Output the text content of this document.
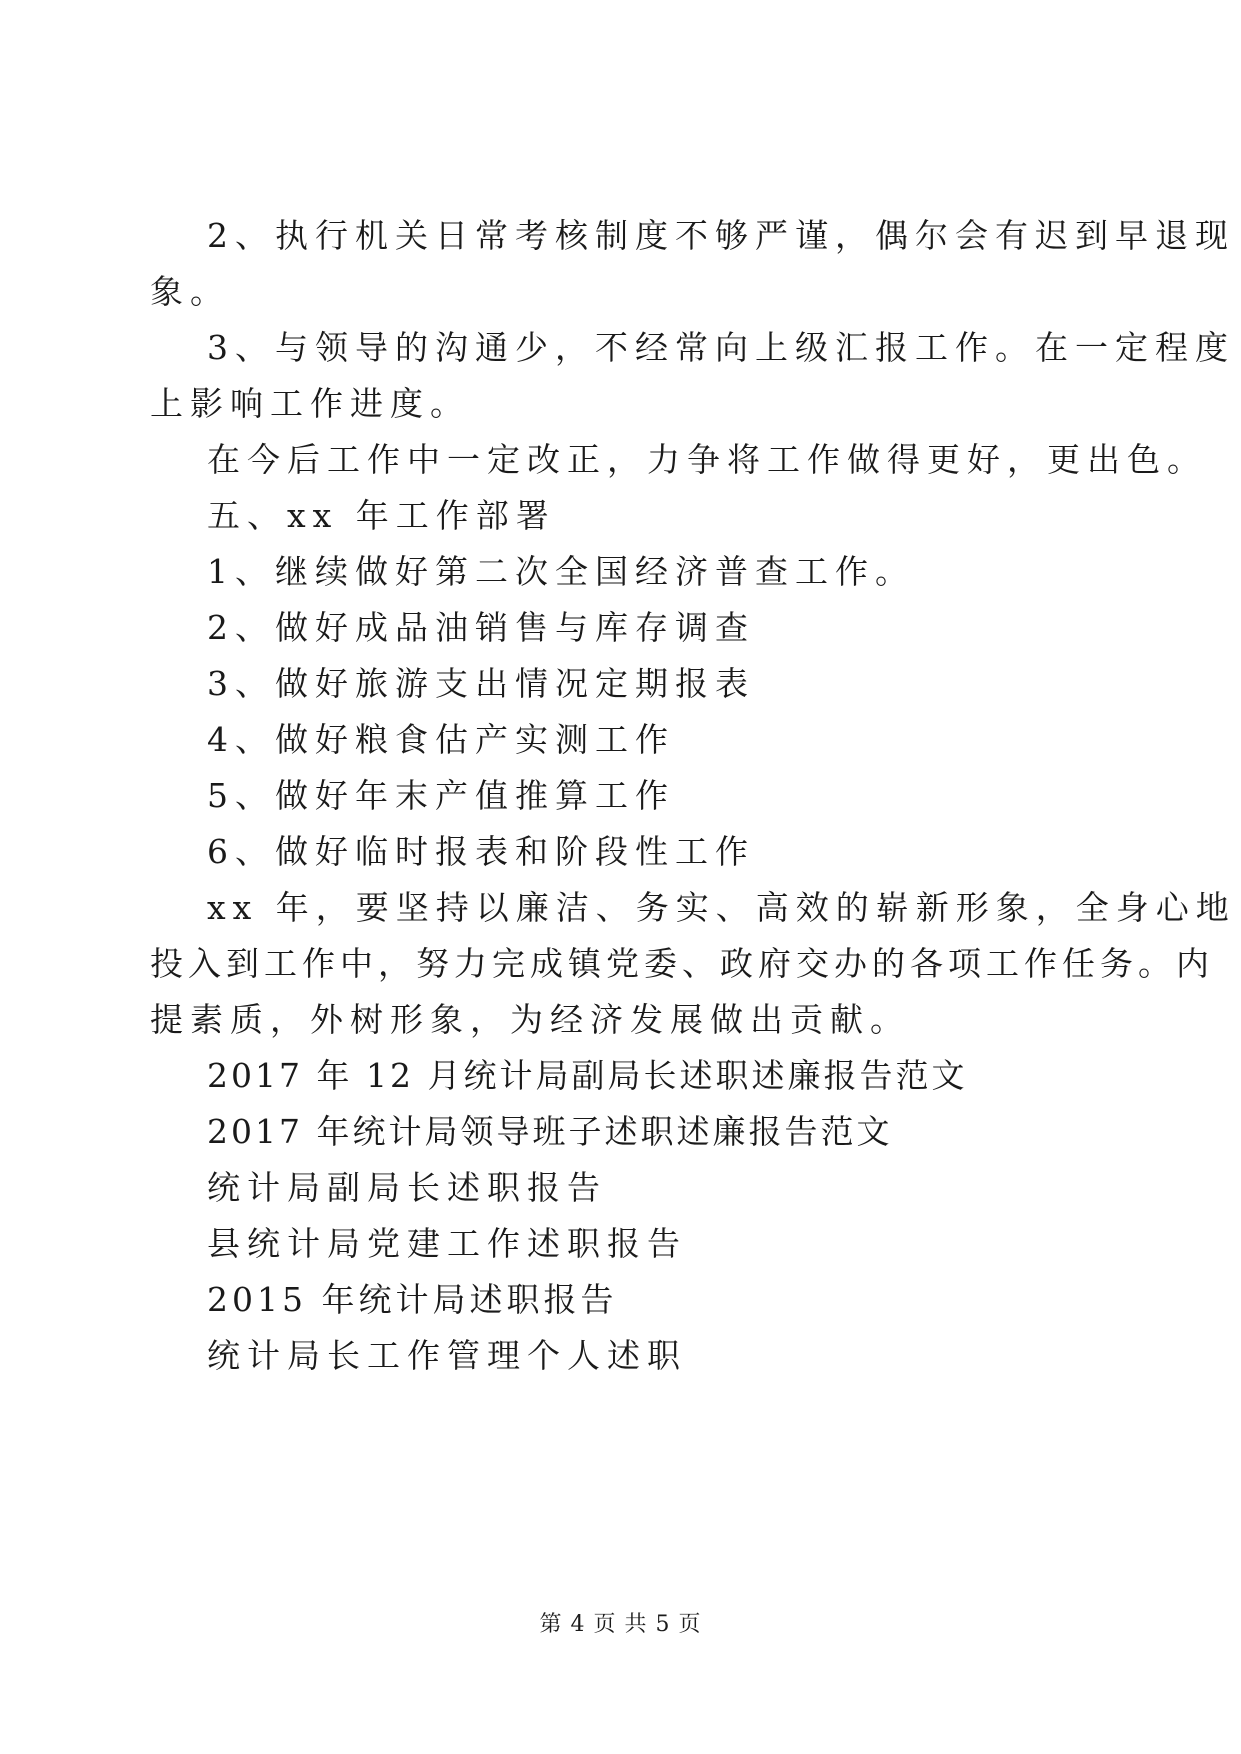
2、执行机关日常考核制度不够严谨，偶尔会有迟到早退现
象。
3、与领导的沟通少，不经常向上级汇报工作。在一定程度
上影响工作进度。
在今后工作中一定改正，力争将工作做得更好，更出色。
五、xx 年工作部署
1、继续做好第二次全国经济普查工作。
2、做好成品油销售与库存调查
3、做好旅游支出情况定期报表
4、做好粮食估产实测工作
5、做好年末产值推算工作
6、做好临时报表和阶段性工作
xx 年，要坚持以廉洁、务实、高效的崭新形象，全身心地
投入到工作中，努力完成镇党委、政府交办的各项工作任务。内
提素质，外树形象，为经济发展做出贡献。
2017 年 12 月统计局副局长述职述廉报告范文
2017 年统计局领导班子述职述廉报告范文
统计局副局长述职报告
县统计局党建工作述职报告
2015 年统计局述职报告
统计局长工作管理个人述职
第 4 页 共 5 页
